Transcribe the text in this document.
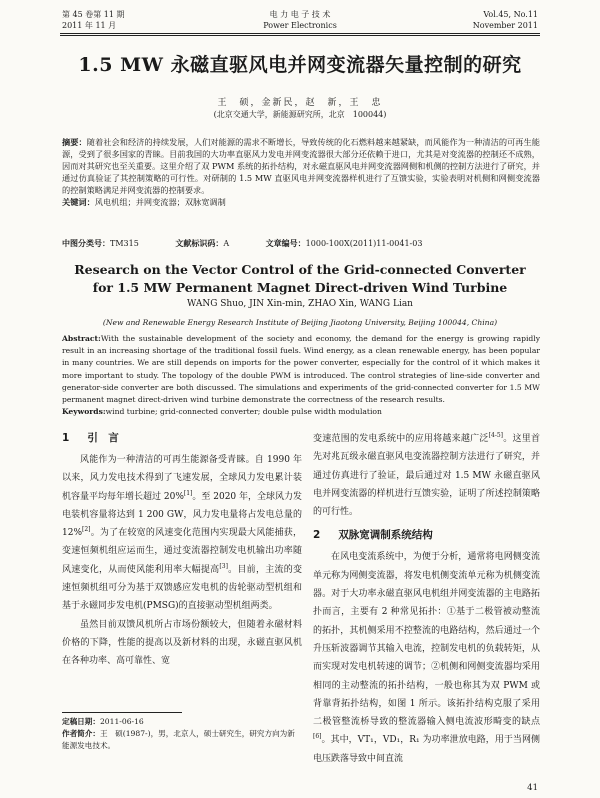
第 45 卷第 11 期
2011 年 11 月
电 力 电 子 技 术
Power Electronics
Vol.45, No.11
November 2011
1.5 MW 永磁直驱风电并网变流器矢量控制的研究
王　硕，金新民，赵　新，王　忠
(北京交通大学，新能源研究所，北京　100044)
摘要：随着社会和经济的持续发展，人们对能源的需求不断增长，导致传统的化石燃料越来越紧缺，而风能作为一种清洁的可再生能源，受到了很多国家的青睐。目前我国的大功率直驱风力发电并网变流器很大部分还依赖于进口，尤其是对变流器的控制还不成熟，因而对其研究也至关重要。这里介绍了双 PWM 系统的拓扑结构，对永磁直驱风电并网变流器网侧和机侧的控制方法进行了研究，并通过仿真验证了其控制策略的可行性。对研制的 1.5 MW 直驱风电并网变流器样机进行了互馈实验，实验表明对机侧和网侧变流器的控制策略满足并网变流器的控制要求。
关键词：风电机组；并网变流器；双脉宽调制
中图分类号：TM315	文献标识码：A	文章编号：1000-100X(2011)11-0041-03
Research on the Vector Control of the Grid-connected Converter
for 1.5 MW Permanent Magnet Direct-driven Wind Turbine
WANG Shuo, JIN Xin-min, ZHAO Xin, WANG Lian
(New and Renewable Energy Research Institute of Beijing Jiaotong University, Beijing 100044, China)
Abstract:With the sustainable development of the society and economy, the demand for the energy is growing rapidly result in an increasing shortage of the traditional fossil fuels. Wind energy, as a clean renewable energy, has been popular in many countries. We are still depends on imports for the power converter, especially for the control of it which makes it more important to study. The topology of the double PWM is introduced. The control strategies of line-side converter and generator-side converter are both discussed. The simulations and experiments of the grid-connected converter for 1.5 MW permanent magnet direct-driven wind turbine demonstrate the correctness of the research results.
Keywords:wind turbine; grid-connected converter; double pulse width modulation
1 引　言

风能作为一种清洁的可再生能源备受青睐。自 1990 年以来，风力发电技术得到了飞速发展，全球风力发电累计装机容量平均每年增长超过 20%[1]。至 2020 年，全球风力发电装机容量将达到 1 200 GW，风力发电量将占发电总量的 12%[2]。为了在较宽的风速变化范围内实现最大风能捕获，变速恒频机组应运而生，通过变流器控制发电机输出功率随风速变化，从而使风能利用率大幅提高[3]。目前，主流的变速恒频机组可分为基于双馈感应发电机的齿轮驱动型机组和基于永磁同步发电机(PMSG)的直接驱动型机组两类。

虽然目前双馈风机所占市场份额较大，但随着永磁材料价格的下降，性能的提高以及新材料的出现，永磁直驱风机在各种功率、高可靠性、宽

变速范围的发电系统中的应用将越来越广泛[4-5]。这里首先对兆瓦级永磁直驱风电变流器控制方法进行了研究，并通过仿真进行了验证，最后通过对 1.5 MW 永磁直驱风电并网变流器的样机进行互馈实验，证明了所述控制策略的可行性。

2 双脉宽调制系统结构

在风电变流系统中，为便于分析，通常将电网侧变流单元称为网侧变流器，将发电机侧变流单元称为机侧变流器。对于大功率永磁直驱风电机组并网变流器的主电路拓扑而言，主要有 2 种常见拓扑：①基于二极管被动整流的拓扑，其机侧采用不控整流的电路结构，然后通过一个升压斩波器调节其输入电流，控制发电机的负载转矩，从而实现对发电机转速的调节；②机侧和网侧变流器均采用相同的主动整流的拓扑结构，一般也称其为双 PWM 或背靠背拓扑结构，如图 1 所示。该拓扑结构克服了采用二极管整流桥导致的整流器输入侧电流波形畸变的缺点[6]。其中，VT₁，VD₁，R₁ 为功率泄放电路，用于当网侧电压跌落导致中间直流

定稿日期：2011-06-16
作者简介：王　硕(1987-)，男，北京人，硕士研究生，研究方向为新能源发电技术。
41
